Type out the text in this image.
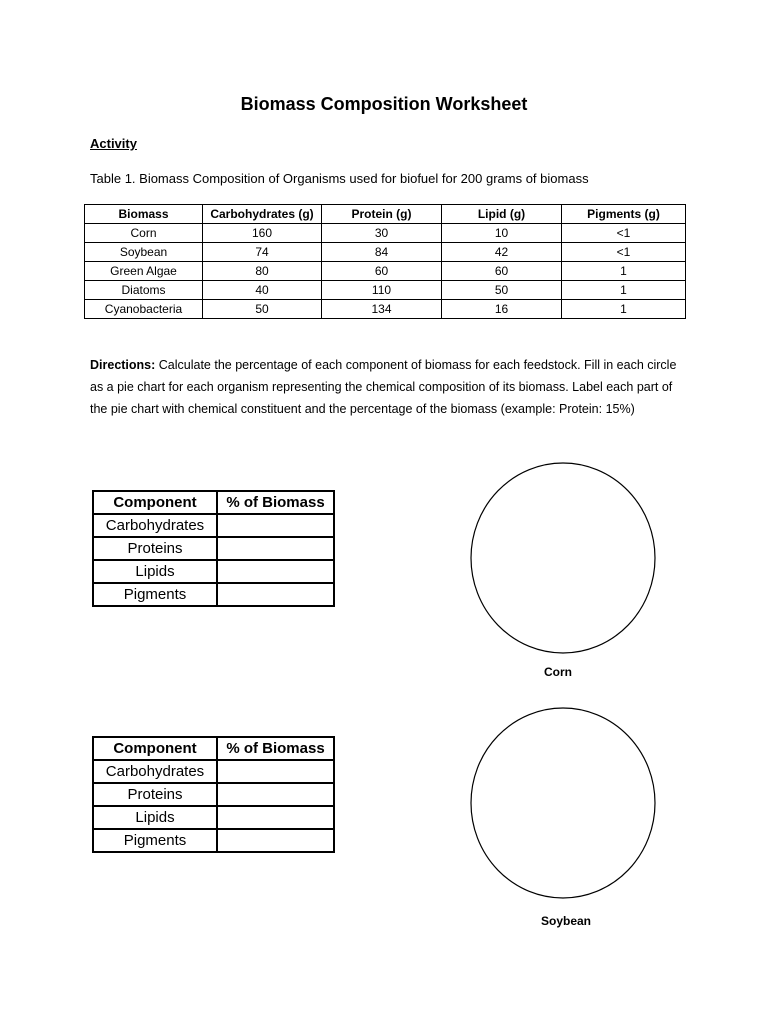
Biomass Composition Worksheet
Activity
Table 1. Biomass Composition of Organisms used for biofuel for 200 grams of biomass
Biomass	Carbohydrates (g)	Protein (g)	Lipid (g)	Pigments (g)
Corn	160	30	10	<1
Soybean	74	84	42	<1
Green Algae	80	60	60	1
Diatoms	40	110	50	1
Cyanobacteria	50	134	16	1
Directions: Calculate the percentage of each component of biomass for each feedstock. Fill in each circle as a pie chart for each organism representing the chemical composition of its biomass. Label each part of the pie chart with chemical constituent and the percentage of the biomass (example: Protein: 15%)
Component	% of Biomass
Carbohydrates	
Proteins	
Lipids	
Pigments	
Corn
Component	% of Biomass
Carbohydrates	
Proteins	
Lipids	
Pigments	
Soybean
